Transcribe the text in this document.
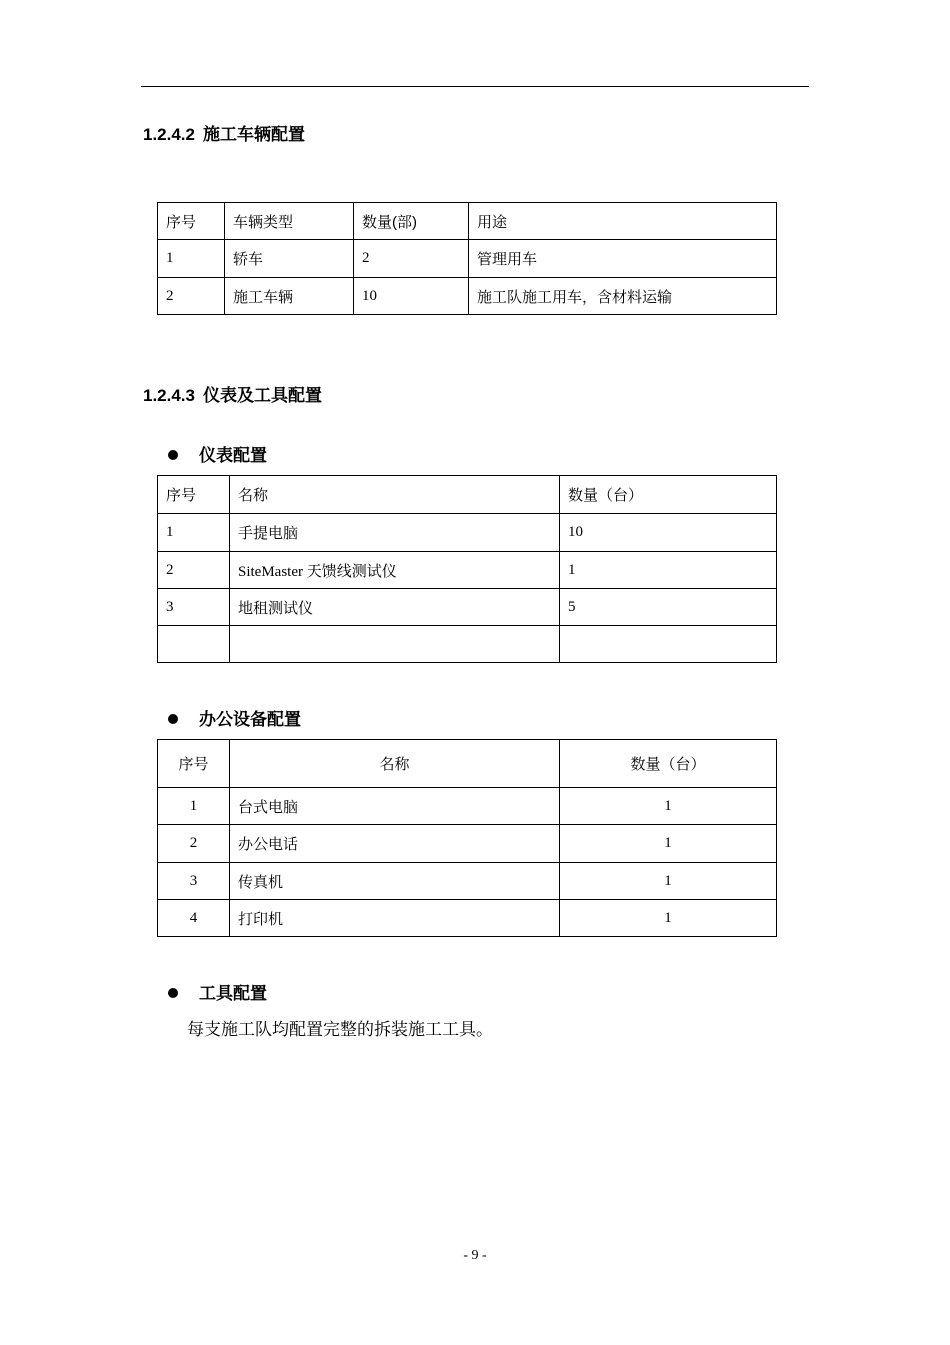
1.2.4.2 施工车辆配置
序号	车辆类型	数量(部)	用途
1	轿车	2	管理用车
2	施工车辆	10	施工队施工用车，含材料运输
1.2.4.3 仪表及工具配置
仪表配置
序号	名称	数量（台）
1	手提电脑	10
2	SiteMaster 天馈线测试仪	1
3	地租测试仪	5

办公设备配置
序号	名称	数量（台）
1	台式电脑	1
2	办公电话	1
3	传真机	1
4	打印机	1
工具配置
每支施工队均配置完整的拆装施工工具。
- 9 -
